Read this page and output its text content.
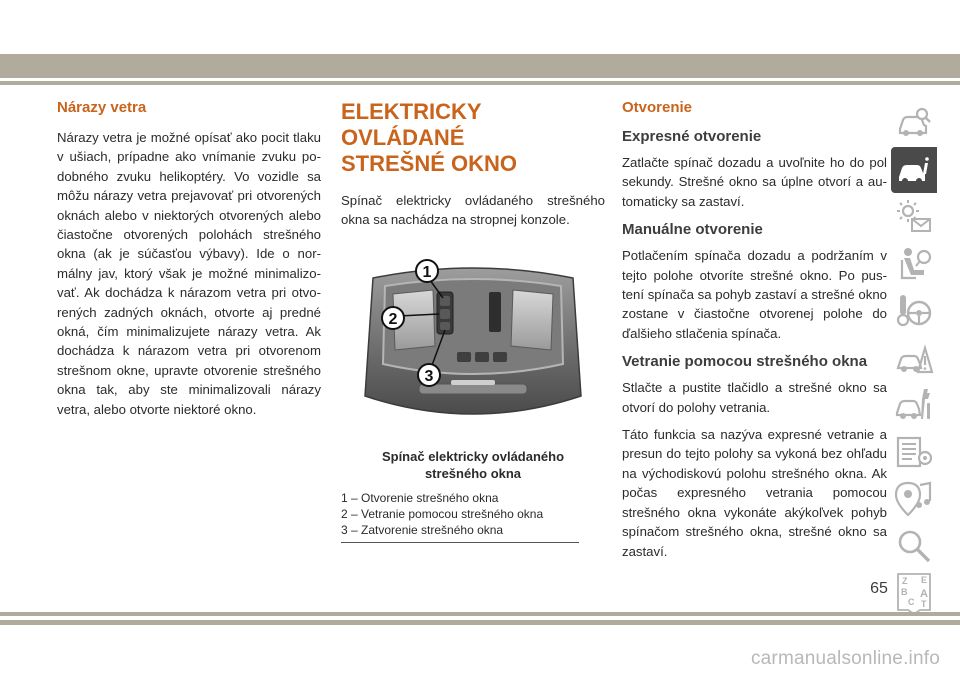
Nárazy vetra

Nárazy vetra je možné opísať ako pocit tlaku v ušiach, prípadne ako vnímanie zvuku podobného zvuku helikoptéry. Vo vozidle sa môžu nárazy vetra prejavovať pri otvorených oknách alebo v niektorých otvorených alebo čiastočne otvorených polohách strešného okna (ak je súčasťou výbavy). Ide o normálny jav, ktorý však je možné minimalizovať. Ak dochádza k nárazom vetra pri otvorených zadných oknách, otvorte aj predné okná, čím minimalizujete nárazy vetra. Ak dochádza k nárazom vetra pri otvorenom strešnom okne, upravte otvorenie strešného okna tak, aby ste minimalizovali nárazy vetra, alebo otvorte niektoré okno.

ELEKTRICKY OVLÁDANÉ
STREŠNÉ OKNO

Spínač elektricky ovládaného strešného okna sa nachádza na stropnej konzole.

1
2
3
Spínač elektricky ovládaného
strešného okna
1 – Otvorenie strešného okna
2 – Vetranie pomocou strešného okna
3 – Zatvorenie strešného okna
Otvorenie
Expresné otvorenie

Zatlačte spínač dozadu a uvoľnite ho do pol sekundy. Strešné okno sa úplne otvorí a automaticky sa zastaví.

Manuálne otvorenie

Potlačením spínača dozadu a podržaním v tejto polohe otvoríte strešné okno. Po pustení spínača sa pohyb zastaví a strešné okno zostane v čiastočne otvorenej polohe do ďalšieho stlačenia spínača.

Vetranie pomocou strešného okna

Stlačte a pustite tlačidlo a strešné okno sa otvorí do polohy vetrania.

Táto funkcia sa nazýva expresné vetranie a presun do tejto polohy sa vykoná bez ohľadu na východiskovú polohu strešného okna. Ak počas expresného vetrania pomocou strešného okna vykonáte akýkoľvek pohyb spínačom strešného okna, strešné okno sa zastaví.

Z E
B A
C T
65
carmanualsonline.info
